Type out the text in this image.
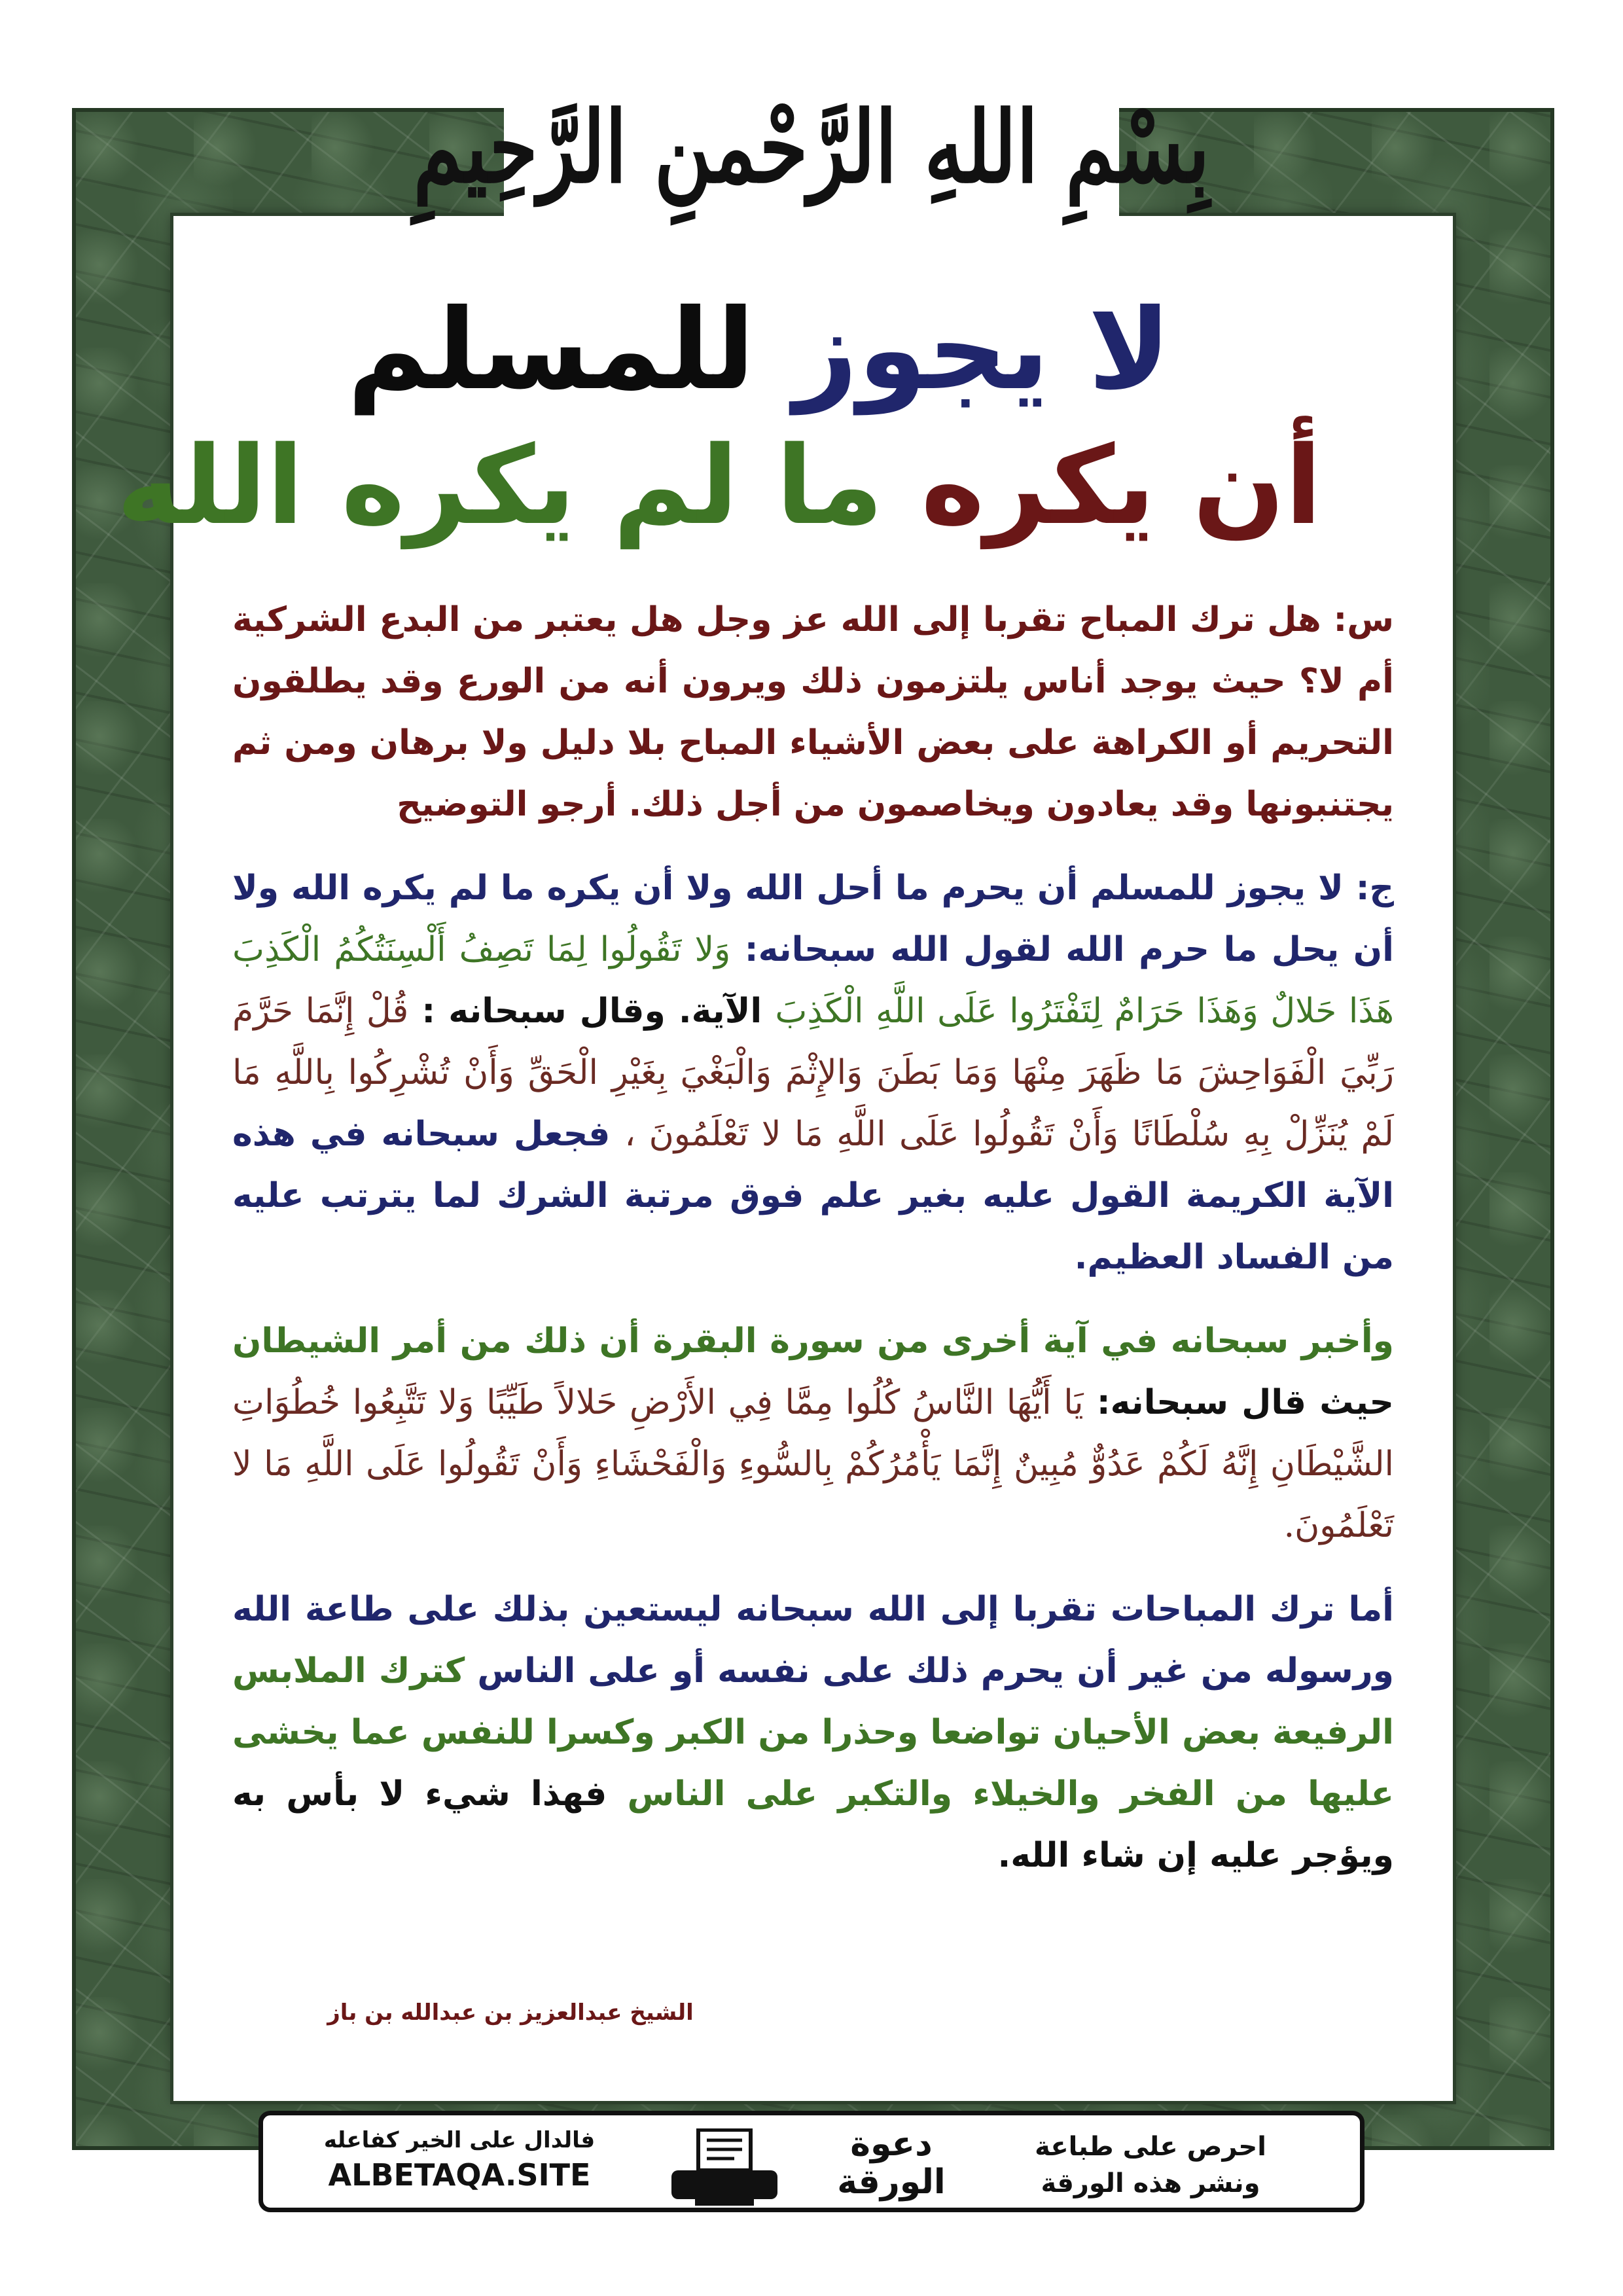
بِسْمِ اللهِ الرَّحْمنِ الرَّحِيمِ
لا يجوز للمسلم
أن يكره ما لم يكره الله

س: هل ترك المباح تقربا إلى الله عز وجل هل يعتبر من البدع الشركية أم لا؟ حيث يوجد أناس يلتزمون ذلك ويرون أنه من الورع وقد يطلقون التحريم أو الكراهة على بعض الأشياء المباح بلا دليل ولا برهان ومن ثم يجتنبونها وقد يعادون ويخاصمون من أجل ذلك. أرجو التوضيح

ج: لا يجوز للمسلم أن يحرم ما أحل الله ولا أن يكره ما لم يكره الله ولا أن يحل ما حرم الله لقول الله سبحانه: وَلا تَقُولُوا لِمَا تَصِفُ أَلْسِنَتُكُمُ الْكَذِبَ هَذَا حَلالٌ وَهَذَا حَرَامٌ لِتَفْتَرُوا عَلَى اللَّهِ الْكَذِبَ الآية. وقال سبحانه : قُلْ إِنَّمَا حَرَّمَ رَبِّيَ الْفَوَاحِشَ مَا ظَهَرَ مِنْهَا وَمَا بَطَنَ وَالإِثْمَ وَالْبَغْيَ بِغَيْرِ الْحَقِّ وَأَنْ تُشْرِكُوا بِاللَّهِ مَا لَمْ يُنَزِّلْ بِهِ سُلْطَانًا وَأَنْ تَقُولُوا عَلَى اللَّهِ مَا لا تَعْلَمُونَ ، فجعل سبحانه في هذه الآية الكريمة القول عليه بغير علم فوق مرتبة الشرك لما يترتب عليه من الفساد العظيم.

وأخبر سبحانه في آية أخرى من سورة البقرة أن ذلك من أمر الشيطان حيث قال سبحانه: يَا أَيُّهَا النَّاسُ كُلُوا مِمَّا فِي الأَرْضِ حَلالاً طَيِّبًا وَلا تَتَّبِعُوا خُطُوَاتِ الشَّيْطَانِ إِنَّهُ لَكُمْ عَدُوٌّ مُبِينٌ إِنَّمَا يَأْمُرُكُمْ بِالسُّوءِ وَالْفَحْشَاءِ وَأَنْ تَقُولُوا عَلَى اللَّهِ مَا لا تَعْلَمُونَ.

أما ترك المباحات تقربا إلى الله سبحانه ليستعين بذلك على طاعة الله ورسوله من غير أن يحرم ذلك على نفسه أو على الناس كترك الملابس الرفيعة بعض الأحيان تواضعا وحذرا من الكبر وكسرا للنفس عما يخشى عليها من الفخر والخيلاء والتكبر على الناس فهذا شيء لا بأس به ويؤجر عليه إن شاء الله.

الشيخ عبدالعزيز بن عبدالله بن باز
فالدال على الخير كفاعله
ALBETAQA.SITE
دعوة
الورقة
احرص على طباعة
ونشر هذه الورقة
